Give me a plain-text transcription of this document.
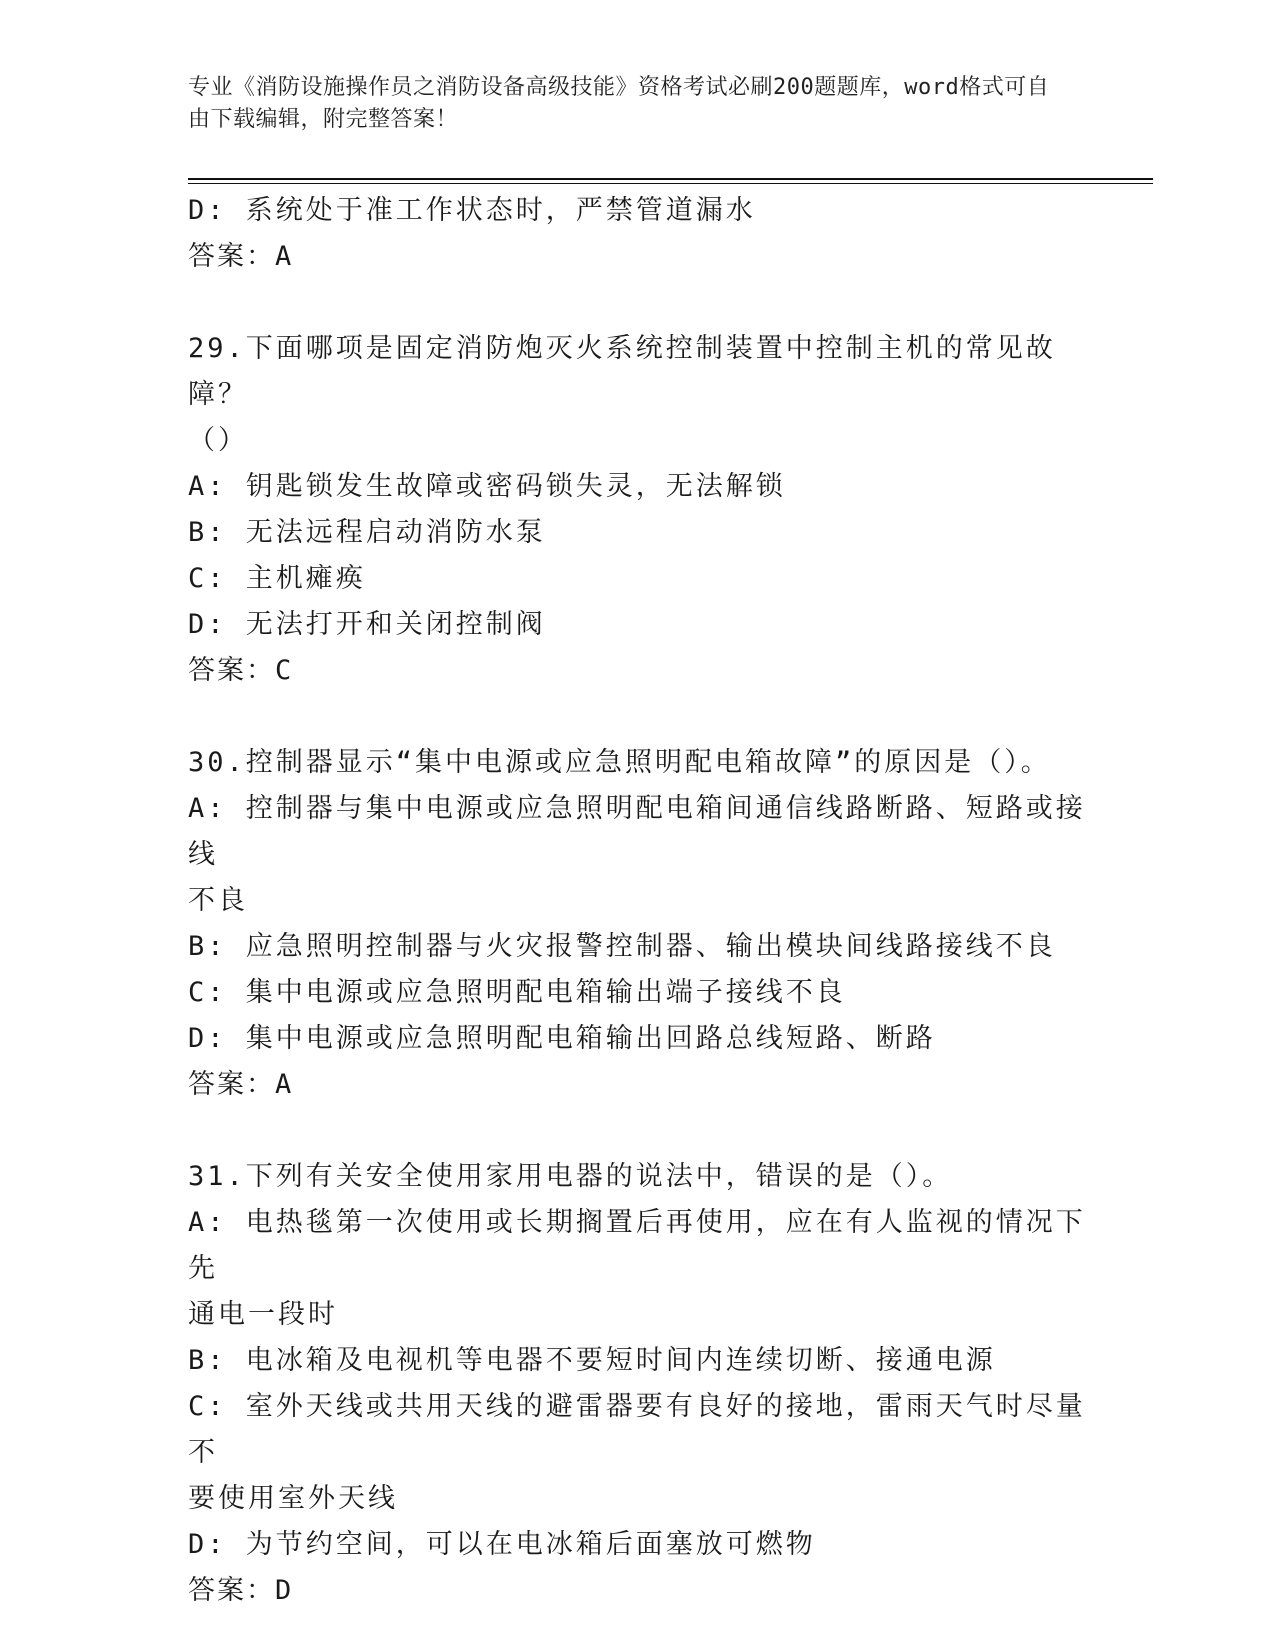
专业《消防设施操作员之消防设备高级技能》资格考试必刷200题题库，word格式可自由下载编辑，附完整答案！
D: 系统处于准工作状态时，严禁管道漏水
答案：A
29.下面哪项是固定消防炮灭火系统控制装置中控制主机的常见故障？
（）
A: 钥匙锁发生故障或密码锁失灵，无法解锁
B: 无法远程启动消防水泵
C: 主机瘫痪
D: 无法打开和关闭控制阀
答案：C
30.控制器显示“集中电源或应急照明配电箱故障”的原因是（）。
A: 控制器与集中电源或应急照明配电箱间通信线路断路、短路或接线
不良
B: 应急照明控制器与火灾报警控制器、输出模块间线路接线不良
C: 集中电源或应急照明配电箱输出端子接线不良
D: 集中电源或应急照明配电箱输出回路总线短路、断路
答案：A
31.下列有关安全使用家用电器的说法中，错误的是（）。
A: 电热毯第一次使用或长期搁置后再使用，应在有人监视的情况下先
通电一段时
B: 电冰箱及电视机等电器不要短时间内连续切断、接通电源
C: 室外天线或共用天线的避雷器要有良好的接地，雷雨天气时尽量不
要使用室外天线
D: 为节约空间，可以在电冰箱后面塞放可燃物
答案：D
